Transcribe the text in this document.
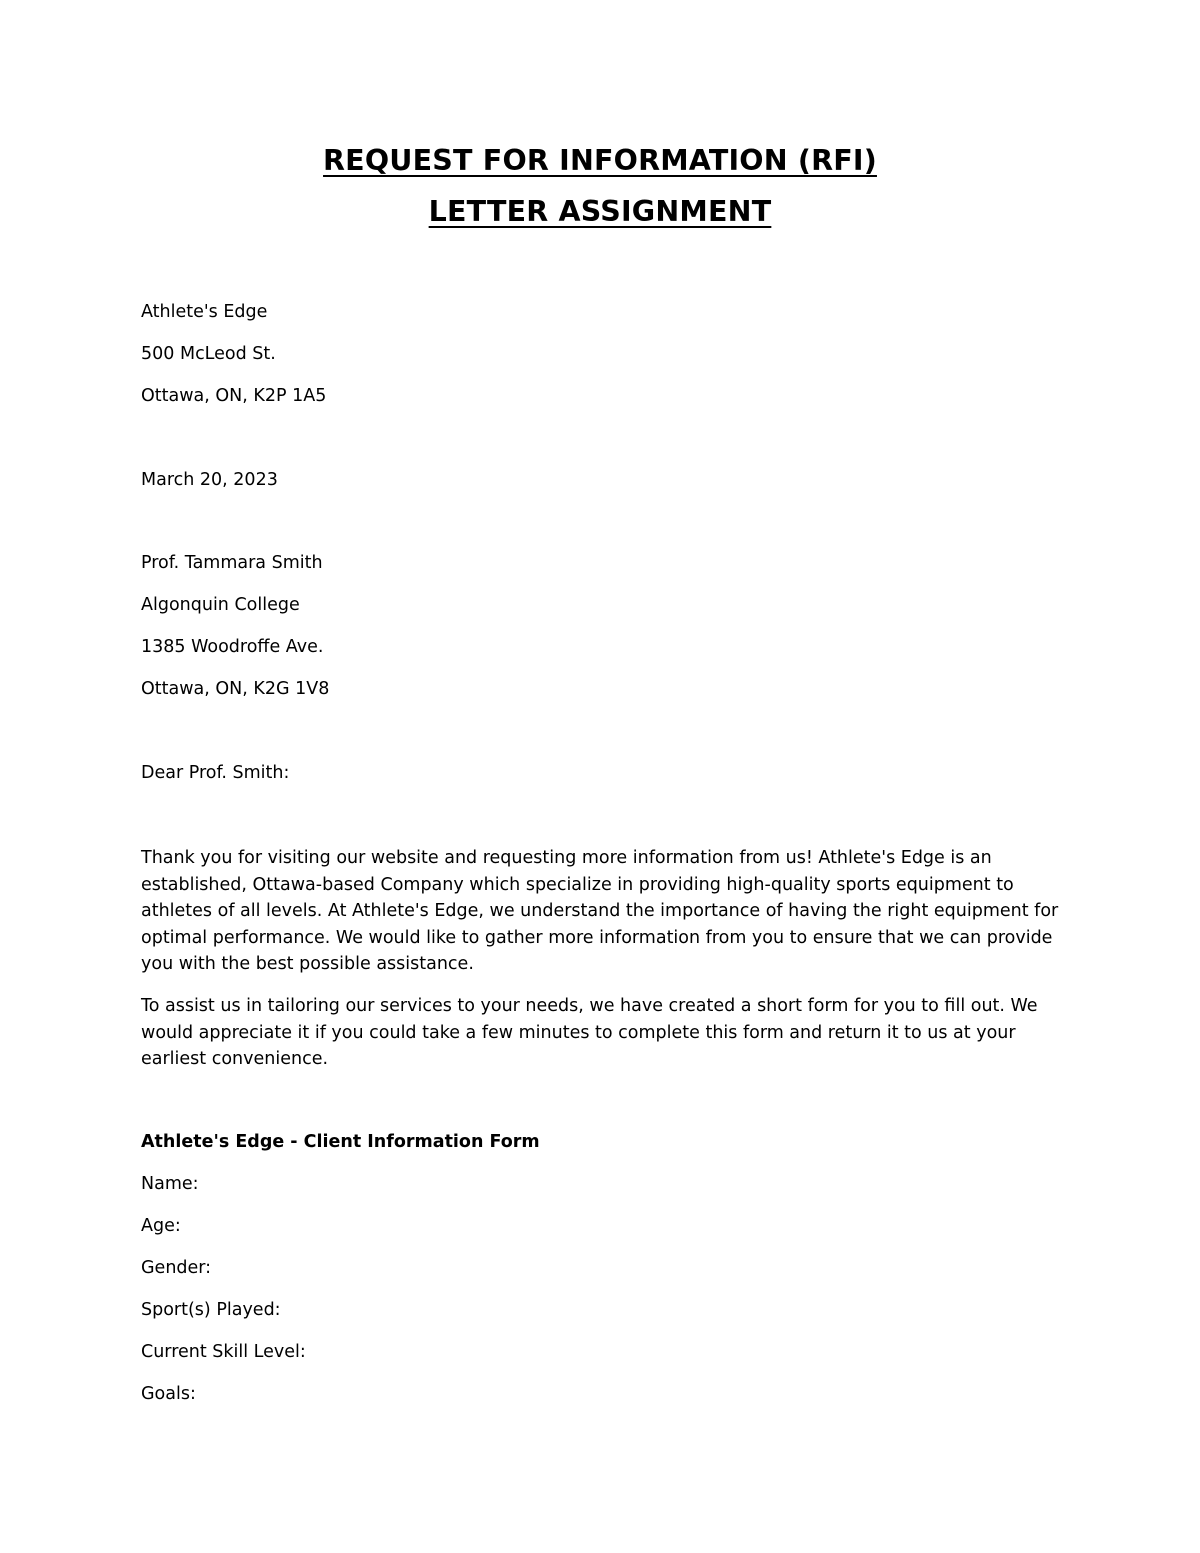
REQUEST FOR INFORMATION (RFI)
LETTER ASSIGNMENT
Athlete's Edge
500 McLeod St.
Ottawa, ON, K2P 1A5
March 20, 2023
Prof. Tammara Smith
Algonquin College
1385 Woodroffe Ave.
Ottawa, ON, K2G 1V8
Dear Prof. Smith:
Thank you for visiting our website and requesting more information from us! Athlete's Edge is an
established, Ottawa-based Company which specialize in providing high-quality sports equipment to
athletes of all levels. At Athlete's Edge, we understand the importance of having the right equipment for
optimal performance. We would like to gather more information from you to ensure that we can provide
you with the best possible assistance.
To assist us in tailoring our services to your needs, we have created a short form for you to fill out. We
would appreciate it if you could take a few minutes to complete this form and return it to us at your
earliest convenience.
Athlete's Edge - Client Information Form
Name:
Age:
Gender:
Sport(s) Played:
Current Skill Level:
Goals:
